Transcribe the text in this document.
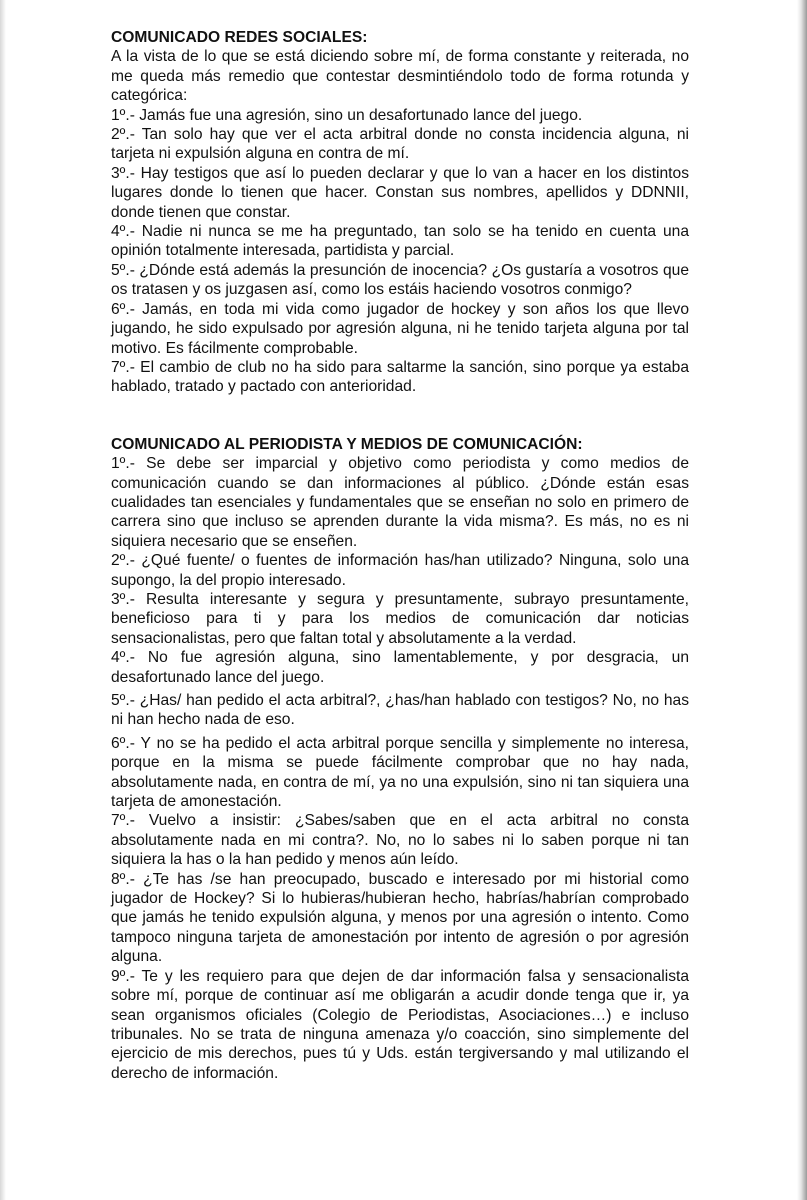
COMUNICADO REDES SOCIALES:

A la vista de lo que se está diciendo sobre mí, de forma constante y reiterada, no me queda más remedio que contestar desmintiéndolo todo de forma rotunda y categórica:

1º.- Jamás fue una agresión, sino un desafortunado lance del juego.

2º.- Tan solo hay que ver el acta arbitral donde no consta incidencia alguna, ni tarjeta ni expulsión alguna en contra de mí.

3º.- Hay testigos que así lo pueden declarar y que lo van a hacer en los distintos lugares donde lo tienen que hacer. Constan sus nombres, apellidos y DDNNII, donde tienen que constar.

4º.- Nadie ni nunca se me ha preguntado, tan solo se ha tenido en cuenta una opinión totalmente interesada, partidista y parcial.

5º.- ¿Dónde está además la presunción de inocencia? ¿Os gustaría a vosotros que os tratasen y os juzgasen así, como los estáis haciendo vosotros conmigo?

6º.- Jamás, en toda mi vida como jugador de hockey y son años los que llevo jugando, he sido expulsado por agresión alguna, ni he tenido tarjeta alguna por tal motivo. Es fácilmente comprobable.

7º.- El cambio de club no ha sido para saltarme la sanción, sino porque ya estaba hablado, tratado y pactado con anterioridad.

COMUNICADO AL PERIODISTA Y MEDIOS DE COMUNICACIÓN:

1º.- Se debe ser imparcial y objetivo como periodista y como medios de comunicación cuando se dan informaciones al público. ¿Dónde están esas cualidades tan esenciales y fundamentales que se enseñan no solo en primero de carrera sino que incluso se aprenden durante la vida misma?. Es más, no es ni siquiera necesario que se enseñen.

2º.- ¿Qué fuente/ o fuentes de información has/han utilizado? Ninguna, solo una supongo, la del propio interesado.

3º.- Resulta interesante y segura y presuntamente, subrayo presuntamente, beneficioso para ti y para los medios de comunicación dar noticias sensacionalistas, pero que faltan total y absolutamente a la verdad.

4º.- No fue agresión alguna, sino lamentablemente, y por desgracia, un desafortunado lance del juego.

5º.- ¿Has/ han pedido el acta arbitral?, ¿has/han hablado con testigos? No, no has ni han hecho nada de eso.

6º.- Y no se ha pedido el acta arbitral porque sencilla y simplemente no interesa, porque en la misma se puede fácilmente comprobar que no hay nada, absolutamente nada, en contra de mí, ya no una expulsión, sino ni tan siquiera una tarjeta de amonestación.

7º.- Vuelvo a insistir: ¿Sabes/saben que en el acta arbitral no consta absolutamente nada en mi contra?. No, no lo sabes ni lo saben porque ni tan siquiera la has o la han pedido y menos aún leído.

8º.- ¿Te has /se han preocupado, buscado e interesado por mi historial como jugador de Hockey? Si lo hubieras/hubieran hecho, habrías/habrían comprobado que jamás he tenido expulsión alguna, y menos por una agresión o intento. Como tampoco ninguna tarjeta de amonestación por intento de agresión o por agresión alguna.

9º.- Te y les requiero para que dejen de dar información falsa y sensacionalista sobre mí, porque de continuar así me obligarán a acudir donde tenga que ir, ya sean organismos oficiales (Colegio de Periodistas, Asociaciones…) e incluso tribunales. No se trata de ninguna amenaza y/o coacción, sino simplemente del ejercicio de mis derechos, pues tú y Uds. están tergiversando y mal utilizando el derecho de información.
